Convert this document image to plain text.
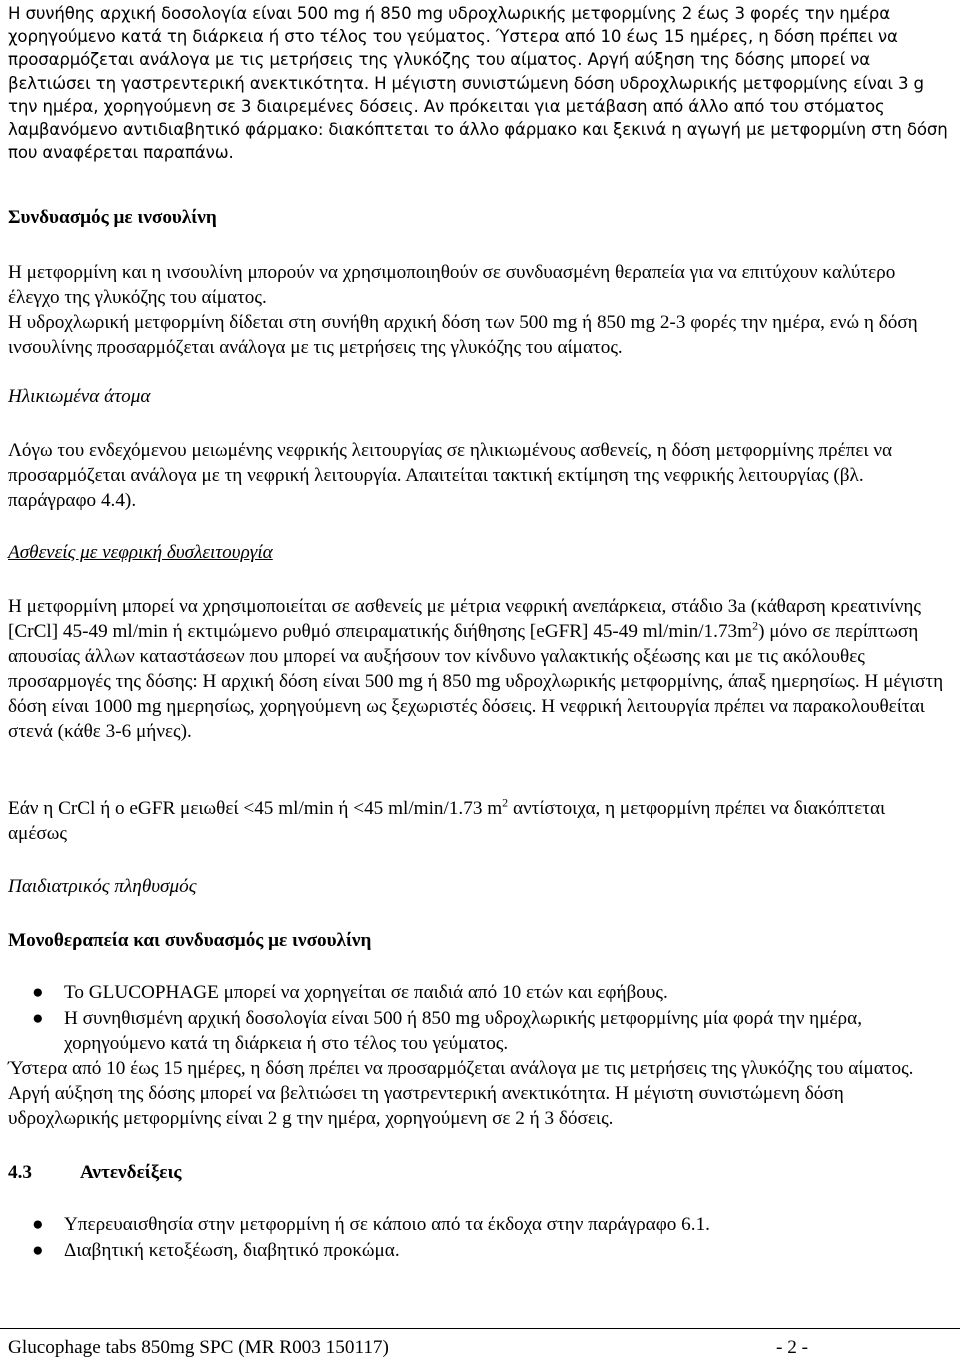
Η συνήθης αρχική δοσολογία είναι 500 mg ή 850 mg υδροχλωρικής μετφορμίνης 2 έως 3 φορές την ημέρα χορηγούμενο κατά τη διάρκεια ή στο τέλος του γεύματος. Ύστερα από 10 έως 15 ημέρες, η δόση πρέπει να προσαρμόζεται ανάλογα με τις μετρήσεις της γλυκόζης του αίματος. Αργή αύξηση της δόσης μπορεί να βελτιώσει τη γαστρεντερική ανεκτικότητα. Η μέγιστη συνιστώμενη δόση υδροχλωρικής μετφορμίνης είναι 3 g την ημέρα, χορηγούμενη σε 3 διαιρεμένες δόσεις. Αν πρόκειται για μετάβαση από άλλο από του στόματος λαμβανόμενο αντιδιαβητικό φάρμακο: διακόπτεται το άλλο φάρμακο και ξεκινά η αγωγή με μετφορμίνη στη δόση που αναφέρεται παραπάνω.

Συνδυασμός με ινσουλίνη

Η μετφορμίνη και η ινσουλίνη μπορούν να χρησιμοποιηθούν σε συνδυασμένη θεραπεία για να επιτύχουν καλύτερο έλεγχο της γλυκόζης του αίματος.

Η υδροχλωρική μετφορμίνη δίδεται στη συνήθη αρχική δόση των 500 mg ή 850 mg 2-3 φορές την ημέρα, ενώ η δόση ινσουλίνης προσαρμόζεται ανάλογα με τις μετρήσεις της γλυκόζης του αίματος.

Ηλικιωμένα άτομα

Λόγω του ενδεχόμενου μειωμένης νεφρικής λειτουργίας σε ηλικιωμένους ασθενείς, η δόση μετφορμίνης πρέπει να προσαρμόζεται ανάλογα με τη νεφρική λειτουργία. Απαιτείται τακτική εκτίμηση της νεφρικής λειτουργίας (βλ. παράγραφο 4.4).

Ασθενείς με νεφρική δυσλειτουργία

Η μετφορμίνη μπορεί να χρησιμοποιείται σε ασθενείς με μέτρια νεφρική ανεπάρκεια, στάδιο 3a (κάθαρση κρεατινίνης [CrCl] 45-49 ml/min ή εκτιμώμενο ρυθμό σπειραματικής διήθησης [eGFR] 45-49 $ml/\min/1.73m^2$) μόνο σε περίπτωση απουσίας άλλων καταστάσεων που μπορεί να αυξήσουν τον κίνδυνο γαλακτικής οξέωσης και με τις ακόλουθες προσαρμογές της δόσης: Η αρχική δόση είναι 500 mg ή 850 mg υδροχλωρικής μετφορμίνης, άπαξ ημερησίως. Η μέγιστη δόση είναι 1000 mg ημερησίως, χορηγούμενη ως ξεχωριστές δόσεις. Η νεφρική λειτουργία πρέπει να παρακολουθείται στενά (κάθε 3-6 μήνες).

Εάν η CrCl ή ο eGFR μειωθεί <45 ml/min ή <45 ml/min/1.73 $m^2$ αντίστοιχα, η μετφορμίνη πρέπει να διακόπτεται αμέσως

Παιδιατρικός πληθυσμός

Μονοθεραπεία και συνδυασμός με ινσουλίνη

● Το GLUCOPHAGE μπορεί να χορηγείται σε παιδιά από 10 ετών και εφήβους.
● Η συνηθισμένη αρχική δοσολογία είναι 500 ή 850 mg υδροχλωρικής μετφορμίνης μία φορά την ημέρα, χορηγούμενο κατά τη διάρκεια ή στο τέλος του γεύματος.

Ύστερα από 10 έως 15 ημέρες, η δόση πρέπει να προσαρμόζεται ανάλογα με τις μετρήσεις της γλυκόζης του αίματος. Αργή αύξηση της δόσης μπορεί να βελτιώσει τη γαστρεντερική ανεκτικότητα. Η μέγιστη συνιστώμενη δόση υδροχλωρικής μετφορμίνης είναι 2 g την ημέρα, χορηγούμενη σε 2 ή 3 δόσεις.

4.3	Αντενδείξεις
● Υπερευαισθησία στην μετφορμίνη ή σε κάποιο από τα έκδοχα στην παράγραφο 6.1.
● Διαβητική κετοξέωση, διαβητικό προκώμα.
Glucophage tabs 850mg SPC (MR R003 150117)	- 2 -
